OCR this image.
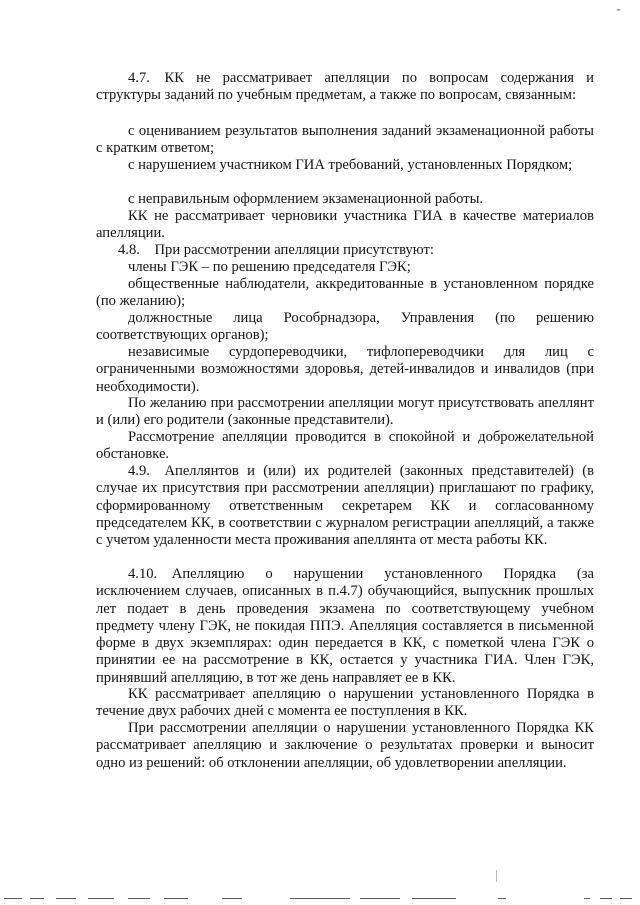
-

4.7. КК не рассматривает апелляции по вопросам содержания и структуры заданий по учебным предметам, а также по вопросам, связанным:

с оцениванием результатов выполнения заданий экзаменационной работы с кратким ответом;

с нарушением участником ГИА требований, установленных Порядком;

с неправильным оформлением экзаменационной работы.

КК не рассматривает черновики участника ГИА в качестве материалов апелляции.

4.8. При рассмотрении апелляции присутствуют:

члены ГЭК – по решению председателя ГЭК;

общественные наблюдатели, аккредитованные в установленном порядке (по желанию);

должностные лица Рособрнадзора, Управления (по решению соответствующих органов);

независимые сурдопереводчики, тифлопереводчики для лиц с ограниченными возможностями здоровья, детей-инвалидов и инвалидов (при необходимости).

По желанию при рассмотрении апелляции могут присутствовать апеллянт и (или) его родители (законные представители).

Рассмотрение апелляции проводится в спокойной и доброжелательной обстановке.

4.9. Апеллянтов и (или) их родителей (законных представителей) (в случае их присутствия при рассмотрении апелляции) приглашают по графику, сформированному ответственным секретарем КК и согласованному председателем КК, в соответствии с журналом регистрации апелляций, а также с учетом удаленности места проживания апеллянта от места работы КК.

4.10. Апелляцию о нарушении установленного Порядка (за исключением случаев, описанных в п.4.7) обучающийся, выпускник прошлых лет подает в день проведения экзамена по соответствующему учебном предмету члену ГЭК, не покидая ППЭ. Апелляция составляется в письменной форме в двух экземплярах: один передается в КК, с пометкой члена ГЭК о принятии ее на рассмотрение в КК, остается у участника ГИА. Член ГЭК, принявший апелляцию, в тот же день направляет ее в КК.

КК рассматривает апелляцию о нарушении установленного Порядка в течение двух рабочих дней с момента ее поступления в КК.

При рассмотрении апелляции о нарушении установленного Порядка КК рассматривает апелляцию и заключение о результатах проверки и выносит одно из решений: об отклонении апелляции, об удовлетворении апелляции.
